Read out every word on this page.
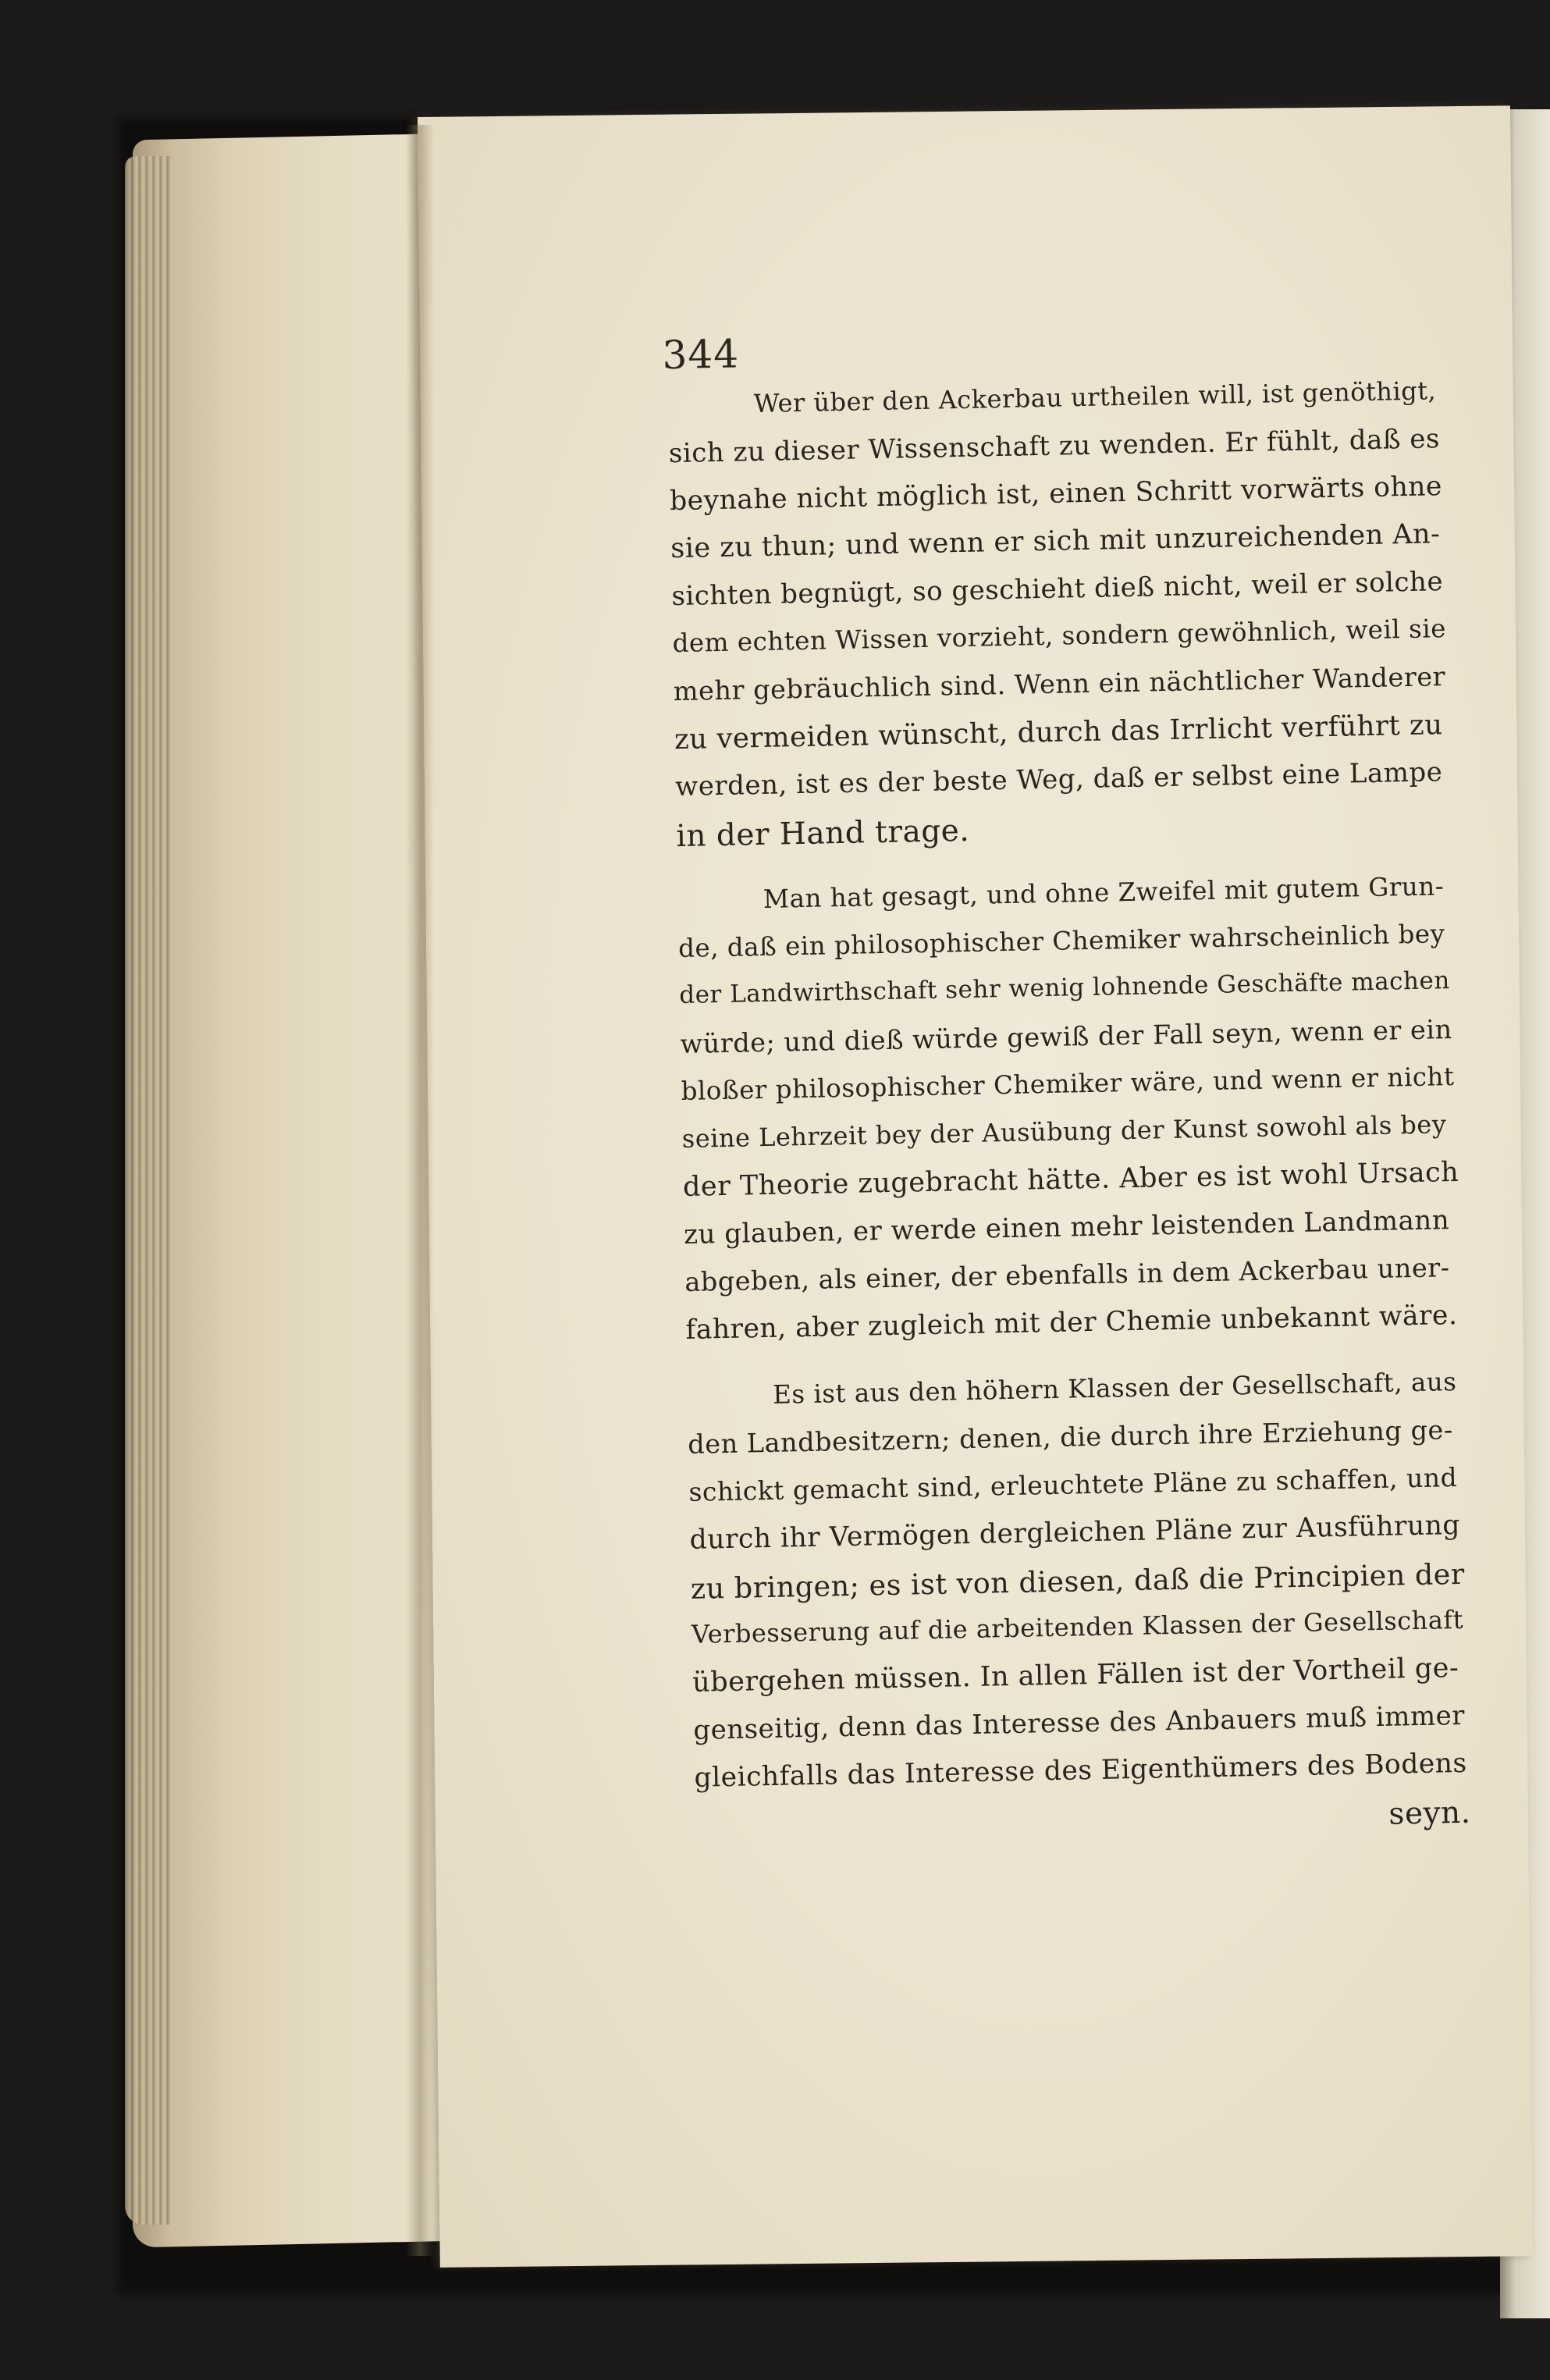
344
Wer über den Ackerbau urtheilen will, ist genöthigt,
sich zu dieser Wissenschaft zu wenden. Er fühlt, daß es
beynahe nicht möglich ist, einen Schritt vorwärts ohne
sie zu thun; und wenn er sich mit unzureichenden An-
sichten begnügt, so geschieht dieß nicht, weil er solche
dem echten Wissen vorzieht, sondern gewöhnlich, weil sie
mehr gebräuchlich sind. Wenn ein nächtlicher Wanderer
zu vermeiden wünscht, durch das Irrlicht verführt zu
werden, ist es der beste Weg, daß er selbst eine Lampe
in der Hand trage.
Man hat gesagt, und ohne Zweifel mit gutem Grun-
de, daß ein philosophischer Chemiker wahrscheinlich bey
der Landwirthschaft sehr wenig lohnende Geschäfte machen
würde; und dieß würde gewiß der Fall seyn, wenn er ein
bloßer philosophischer Chemiker wäre, und wenn er nicht
seine Lehrzeit bey der Ausübung der Kunst sowohl als bey
der Theorie zugebracht hätte. Aber es ist wohl Ursach
zu glauben, er werde einen mehr leistenden Landmann
abgeben, als einer, der ebenfalls in dem Ackerbau uner-
fahren, aber zugleich mit der Chemie unbekannt wäre.
Es ist aus den höhern Klassen der Gesellschaft, aus
den Landbesitzern; denen, die durch ihre Erziehung ge-
schickt gemacht sind, erleuchtete Pläne zu schaffen, und
durch ihr Vermögen dergleichen Pläne zur Ausführung
zu bringen; es ist von diesen, daß die Principien der
Verbesserung auf die arbeitenden Klassen der Gesellschaft
übergehen müssen. In allen Fällen ist der Vortheil ge-
genseitig, denn das Interesse des Anbauers muß immer
gleichfalls das Interesse des Eigenthümers des Bodens
seyn.
